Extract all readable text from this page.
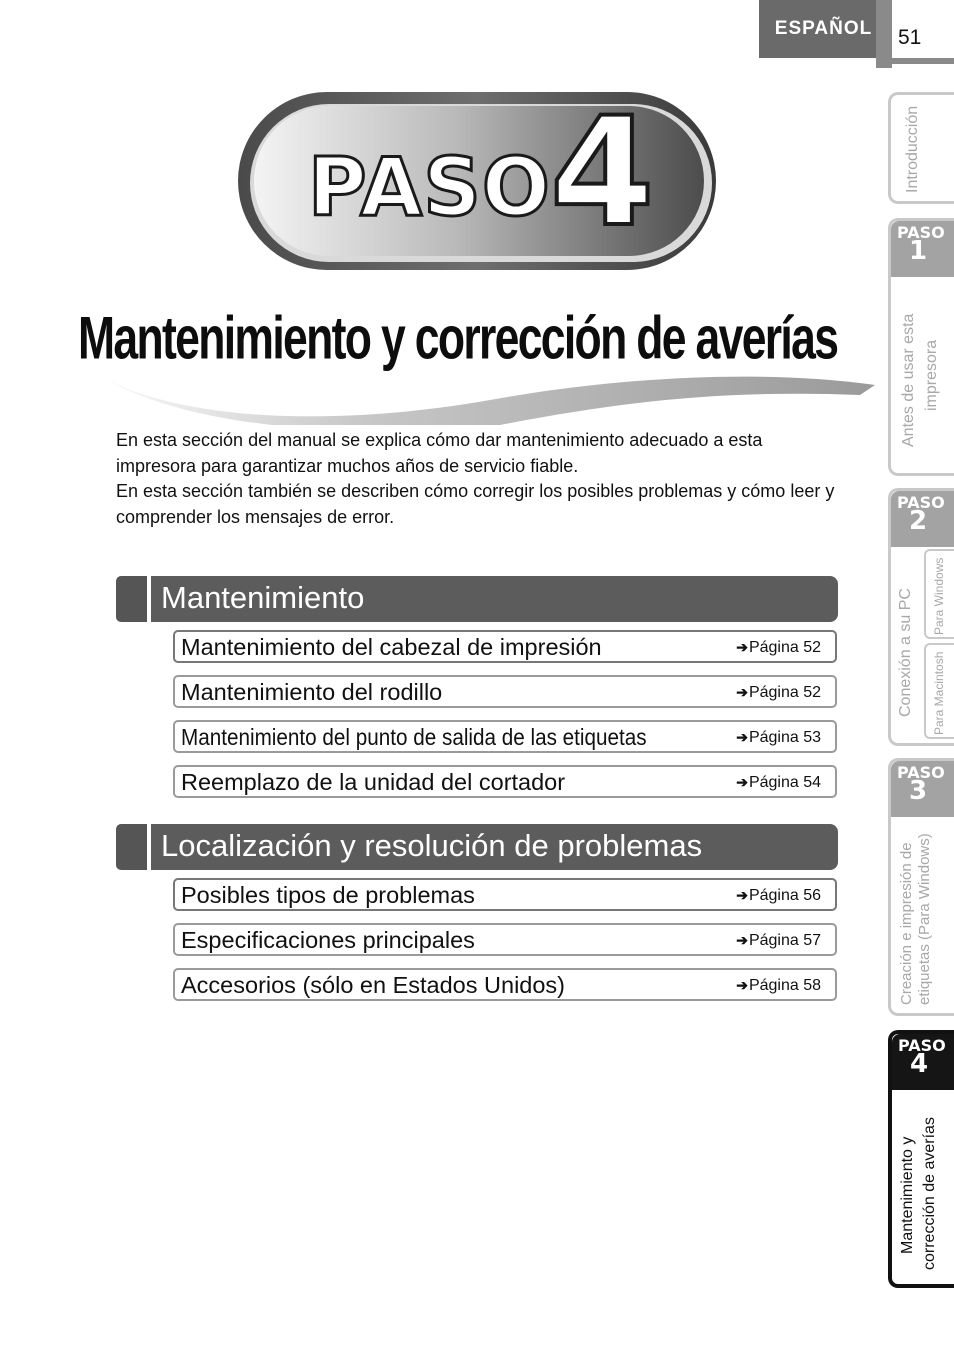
ESPAÑOL	51
PASO 4
Mantenimiento y corrección de averías

En esta sección del manual se explica cómo dar mantenimiento adecuado a esta impresora para garantizar muchos años de servicio fiable.

En esta sección también se describen cómo corregir los posibles problemas y cómo leer y comprender los mensajes de error.

Mantenimiento
Mantenimiento del cabezal de impresión	➔Página 52
Mantenimiento del rodillo	➔Página 52
Mantenimiento del punto de salida de las etiquetas	➔Página 53
Reemplazo de la unidad del cortador	➔Página 54
Localización y resolución de problemas
Posibles tipos de problemas	➔Página 56
Especificaciones principales	➔Página 57
Accesorios (sólo en Estados Unidos)	➔Página 58
Introducción
PASO
1
Antes de usar esta impresora
PASO
2
Conexión a su PC Para Windows
Para Macintosh
PASO
3
Creación e impresión de etiquetas (Para Windows)
PASO
4
Mantenimiento y corrección de averías
